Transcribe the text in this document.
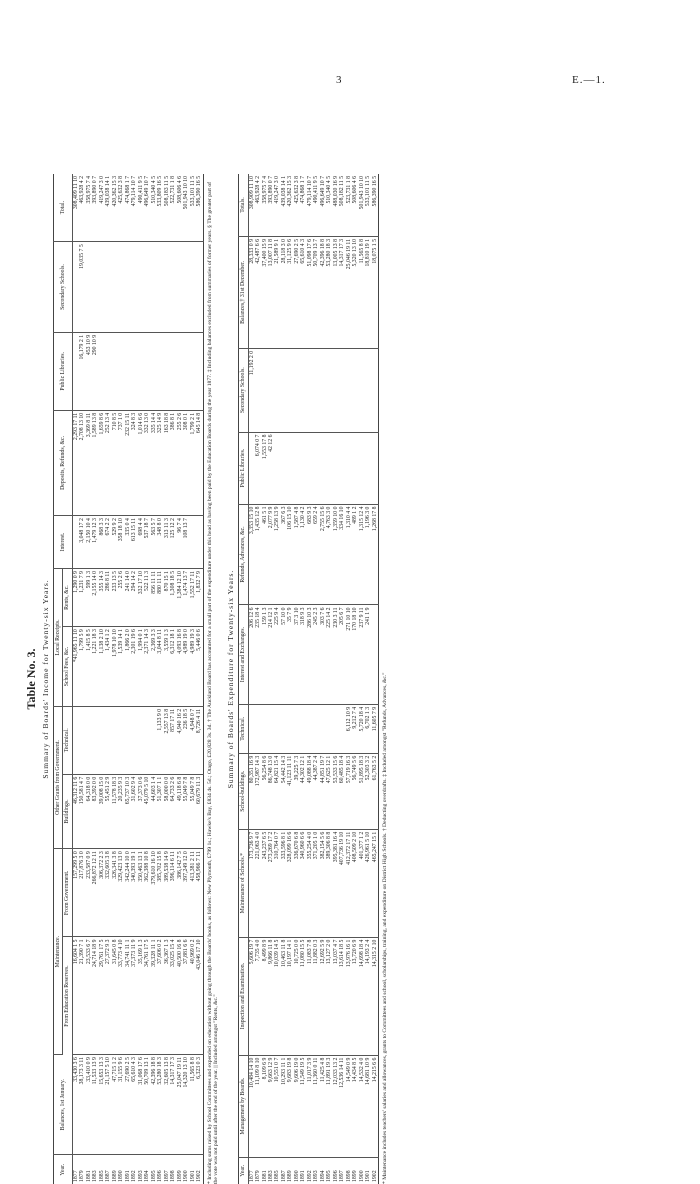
3	E.—1.
Table No. 3. Summary of Boards' Income for Twenty-six Years.
Year.	Balances, 1st January.	Maintenance.		Other Grants from Government.		Local Receipts.		Interest.	Deposits, Refunds, &c.	Public Libraries.	Secondary Schools.	Total.
		From Education Reserves.	From Government.	Buildings.	Technical.	School Fees, &c.	Rents, &c.					
1877	33,430 3 6	16,604 1 5	157,299 5 0	46,312 11 6		*41,965 11 10	1,290 0 9		2,293 17 11			308,409 11 10
1879	38,173 3 11	21,390 7 1	217,876 3 0	150,581 4 7		1,799 5 9	1,231 7 9	3,048 17 2	2,708 13 10	16,179 2 1	19,035 7 5	463,928 4 2
1881	33,410 0 9	23,533 6 7	233,587 0 9	64,318 0 0		1,415 8 5	599 1 3	2,150 10 4	3,369 8 11	453 10 9		358,975 7 4
1883	11,533 13 9	24,714 18 9	266,872 12 11	83,392 0 0		1,221 18 3	2,155 14 0	1,479 12 3	1,589 13 8	290 10 9		393,890 0 7
1885	15,653 13 3	29,761 17 5	306,372 2 3	39,008 15 0		1,138 2 10	355 14 3	868 3 3	1,659 8 6			419,247 3 0
1887	21,157 5 10	27,372 9 3	332,605 3 8	55,451 2 9		1,434 1 2	286 8 11	674 2 2	252 13 4			439,038 14 1
1889	47,715 1 2	31,645 0 8	326,341 3 8	11,578 18 3		1,978 10 10	233 13 5	529 9 2	710 8 5			420,362 15 3
1890	31,155 9 6	33,773 4 10	329,423 13 0	20,235 9 3		1,539 14 1	255 2 6	358 18 10	737 1 0			425,632 3 8
1891	27,690 2 5	34,741 11 1	342,244 10 0	65,737 10 3		1,866 2 0	241 14 0	335 0 4	232 15 11			474,868 1 7
1892	65,610 4 3	37,373 11 9	340,393 19 1	31,602 9 4		2,301 19 6	294 14 2	613 15 11	324 8 3			479,114 10 7
1893	31,068 17 6	35,169 1 3	350,463 13 1	37,373 0 6		1,994 0 1	332 17 10	698 4 4	1,014 6 6			490,411 9 5
1894	50,709 13 1	34,761 17 5	362,388 10 8	45,079 5 10		2,371 14 3	522 11 3	537 18 7	332 13 0			496,649 10 7
1895	42,396 18 8	39,328 11 1	379,610 16 10	44,603 1 4		2,369 3 3	856 11 11	563 5 7	335 14 4			510,340 4 5
1896	53,280 18 3	37,606 0 2	385,702 15 8	51,307 1 1	1,133 9 0	3,044 8 11	880 11 11	348 8 0	325 14 9			533,809 16 5
1897	32,605 13 8	36,367 1 3	389,538 14 9	58,000 0 0	2,557 13 8	3,559 1 3	870 15 1	313 11 3	163 18 8			508,183 11 5
1898	14,317 17 3	33,025 15 4	396,114 6 11	64,733 2 6	857 17 11	6,312 18 1	1,308 18 5	125 12 2	386 8 1			522,731 1 8
1899	25,047 19 11	40,500 16 8	386,142 7 5	49,118 6 8	4,940 16 2	4,093 16 8	1,384 12 10	96 7 4	255 2 6			508,606 4 6
1900	14,320 13 10	37,881 6 6	397,249 12 0	55,049 7 8	236 18 5	4,989 19 0	1,474 13 7	108 13 7	308 0 1			501,943 10 10
1901	11,565 8 8	40,969 0 2	413,381 2 11	55,049 7 8	4,948 0 7	4,989 19 3	1,552 17 11		1,799 2 1			533,101 11 5
1902	6,323 0 3	43,046 17 10	458,966 7 11	60,679 11 3	8,726 4 11	5,446 0 6	1,832 7 9		645 14 8			586,390 16 5 * Including sums raised by School Committees and expended on education without going through the Boards' books, as follows: New Plymouth, £799 1s.; Hawke's Bay, £834 4s. 5d.; Otago, £20,828 3s. 3d. † The Auckland Board has accounted for a small part of the expenditure under this head as having been paid by the Education Boards during the year 1877. ‡ Including balances excluded from summaries of former years. § The greater part of the vote was not paid until after the end of the year. || Included amongst "Rents, &c."
Summary of Boards' Expenditure for Twenty-six Years.
Year.	Management by Boards.	Inspection and Examination.	Maintenance of Schools.*	School-buildings.	Technical.	Interest and Exchanges.	Refunds, Advances, &c.	Public Libraries.	Secondary Schools.	Balances,† 31st December.	Totals.
1877	10,484 14 10	5,606 19 7	173,736 9 7	80,351 16 9		206 12 6	3,353 15 10		11,192 2 0	28,333 0 9	308,909 11 10
1879	11,109 8 10	7,735 4 0	221,063 4 0	172,987 14 3		235 18 4	1,435 12 8	6,074 0 7		42,487 6 6	463,928 4 2
1881	8,109 6 9	8,499 8 9	243,237 6 5	56,254 8 6		159 1 3	461 5 1	1,553 17 8		37,400 15 9	358,975 7 4
1883	9,663 12 9	9,866 11 8	273,269 17 2	86,748 13 0		214 12 1	2,077 9 9	42 12 6		13,007 11 8	393,890 0 7
1885	10,551 0 7	10,039 14 5	310,764 0 7	64,821 15 4		225 9 4	1,258 13 9			21,589 9 1	419,247 3 0
1887	10,293 11 1	10,463 11 8	333,596 8 1	54,442 14 3		57 10 0	367 6 3			28,118 3 0	439,038 14 1
1889	9,683 19 8	10,197 14 1	328,099 16 6	41,123 11 11		35 7 9	106 15 10			31,125 9 6	420,362 15 3
1890	9,606 19 0	10,725 0 0	336,670 6 8	39,225 7 3		37 3 10	1,587 4 8			27,690 2 5	425,632 3 8
1891	11,549 19 5	11,080 15 5	340,960 6 6	44,302 12 1		318 9 3	1,130 4 2			65,610 4 3	474,868 1 7
1892	11,017 3 9	11,083 7 8	355,254 4 0	49,088 18 4		286 10 3	683 9 3			51,098 17 6	479,114 10 7
1893	11,360 0 11	11,882 0 3	371,205 1 0	44,387 2 4		245 2 3	659 2 4			50,709 13 7	490,411 9 5
1894	11,425 4 8	12,692 5 9	382,154 5 6	44,851 19 7		303 7 6	2,755 15 6			42,396 18 8	496,649 10 7
1895	11,891 19 3	13,127 2 0	389,306 8 8	47,625 12 1		225 14 2	4,763 3 0			53,280 18 3	510,340 4 5
1896	12,033 13 2	13,037 4 7	395,381 16 4	53,533 15 6		230 3 11	1,359 10 0			13,005 13 8	488,030 16 9
1897	12,536 14 11	13,614 18 5	407,736 19 10	60,485 18 4		205 6 7	334 16 10			14,317 17 3	508,182 11 5
1898	14,549 0 9	13,976 16 1	412,372 17 11	57,719 16 3	6,112 10 9	271 10 10	1,310 4 4			25,046 19 11	523,731 1 8
1899	14,434 8 5	13,720 6 9	408,509 2 10	56,749 5 6	9,212 7 4	170 18 10	489 1 2			5,320 13 10	508,606 4 6
1900	14,532 4 0	14,698 18 4	401,377 1 2	51,895 18 3	5,720 18 4	237 9 11	1,315 12 4			11,565 8 8	501,943 10 10
1901	14,681 10 9	14,193 2 4	426,961 5 10	52,303 3 2	6,702 1 3	241 1 9	1,196 3 0			18,810 19 1	533,101 11 5
1902	14,215 6 6	14,315 2 10	465,247 15 1	61,763 5 2	11,605 7 9		1,268 17 8			18,075 1 5	586,390 16 5
* Maintenance includes teachers' salaries and allowances, grants to Committees and school, scholarships, training, and expenditure on District High Schools. † Deducting overdrafts. ‡ Included amongst "Refunds, Advances, &c."
